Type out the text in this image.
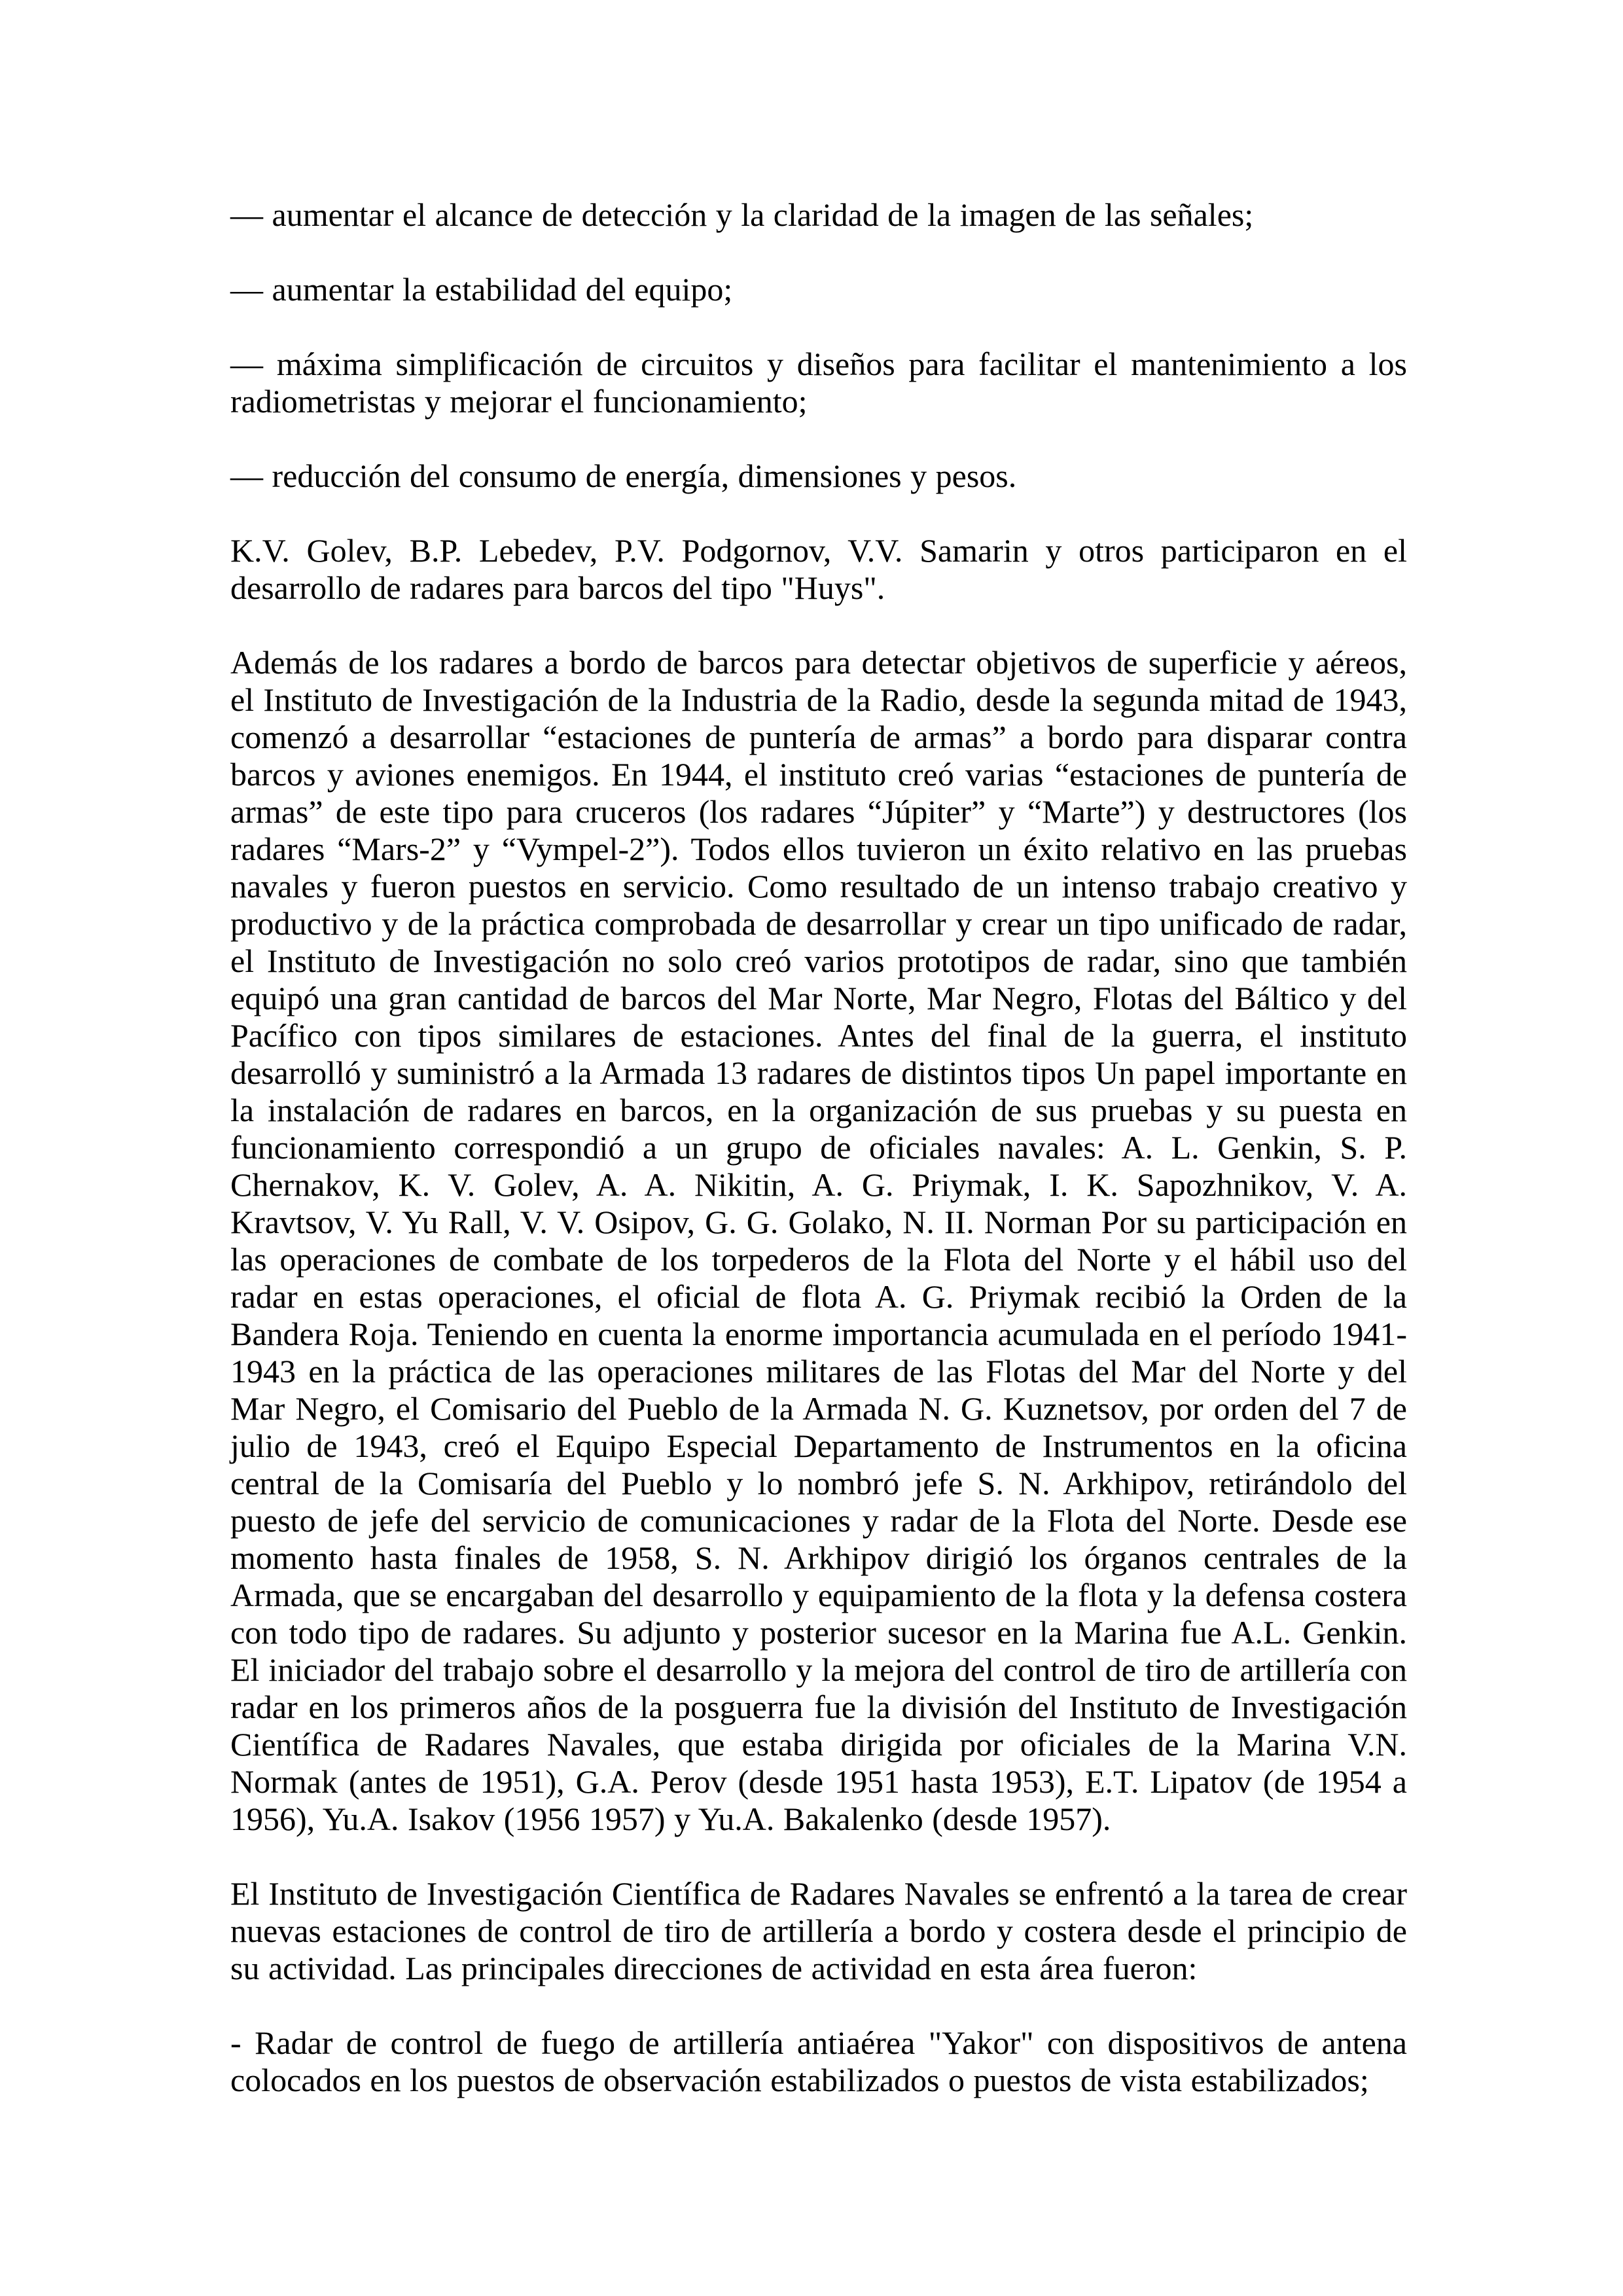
— aumentar el alcance de detección y la claridad de la imagen de las señales;

— aumentar la estabilidad del equipo;

— máxima simplificación de circuitos y diseños para facilitar el mantenimiento a los radiometristas y mejorar el funcionamiento;

— reducción del consumo de energía, dimensiones y pesos.

K.V. Golev, B.P. Lebedev, P.V. Podgornov, V.V. Samarin y otros participaron en el desarrollo de radares para barcos del tipo "Huys".

Además de los radares a bordo de barcos para detectar objetivos de superficie y aéreos, el Instituto de Investigación de la Industria de la Radio, desde la segunda mitad de 1943, comenzó a desarrollar “estaciones de puntería de armas” a bordo para disparar contra barcos y aviones enemigos. En 1944, el instituto creó varias “estaciones de puntería de armas” de este tipo para cruceros (los radares “Júpiter” y “Marte”) y destructores (los radares “Mars-2” y “Vympel-2”). Todos ellos tuvieron un éxito relativo en las pruebas navales y fueron puestos en servicio. Como resultado de un intenso trabajo creativo y productivo y de la práctica comprobada de desarrollar y crear un tipo unificado de radar, el Instituto de Investigación no solo creó varios prototipos de radar, sino que también equipó una gran cantidad de barcos del Mar Norte, Mar Negro, Flotas del Báltico y del Pacífico con tipos similares de estaciones. Antes del final de la guerra, el instituto desarrolló y suministró a la Armada 13 radares de distintos tipos Un papel importante en la instalación de radares en barcos, en la organización de sus pruebas y su puesta en funcionamiento correspondió a un grupo de oficiales navales: A. L. Genkin, S. P. Chernakov, K. V. Golev, A. A. Nikitin, A. G. Priymak, I. K. Sapozhnikov, V. A. Kravtsov, V. Yu Rall, V. V. Osipov, G. G. Golako, N. II. Norman Por su participación en las operaciones de combate de los torpederos de la Flota del Norte y el hábil uso del radar en estas operaciones, el oficial de flota A. G. Priymak recibió la Orden de la Bandera Roja. Teniendo en cuenta la enorme importancia acumulada en el período 1941-1943 en la práctica de las operaciones militares de las Flotas del Mar del Norte y del Mar Negro, el Comisario del Pueblo de la Armada N. G. Kuznetsov, por orden del 7 de julio de 1943, creó el Equipo Especial Departamento de Instrumentos en la oficina central de la Comisaría del Pueblo y lo nombró jefe S. N. Arkhipov, retirándolo del puesto de jefe del servicio de comunicaciones y radar de la Flota del Norte. Desde ese momento hasta finales de 1958, S. N. Arkhipov dirigió los órganos centrales de la Armada, que se encargaban del desarrollo y equipamiento de la flota y la defensa costera con todo tipo de radares. Su adjunto y posterior sucesor en la Marina fue A.L. Genkin. El iniciador del trabajo sobre el desarrollo y la mejora del control de tiro de artillería con radar en los primeros años de la posguerra fue la división del Instituto de Investigación Científica de Radares Navales, que estaba dirigida por oficiales de la Marina V.N. Normak (antes de 1951), G.A. Perov (desde 1951 hasta 1953), E.T. Lipatov (de 1954 a 1956), Yu.A. Isakov (1956 1957) y Yu.A. Bakalenko (desde 1957).

El Instituto de Investigación Científica de Radares Navales se enfrentó a la tarea de crear nuevas estaciones de control de tiro de artillería a bordo y costera desde el principio de su actividad. Las principales direcciones de actividad en esta área fueron:

- Radar de control de fuego de artillería antiaérea "Yakor" con dispositivos de antena colocados en los puestos de observación estabilizados o puestos de vista estabilizados;
